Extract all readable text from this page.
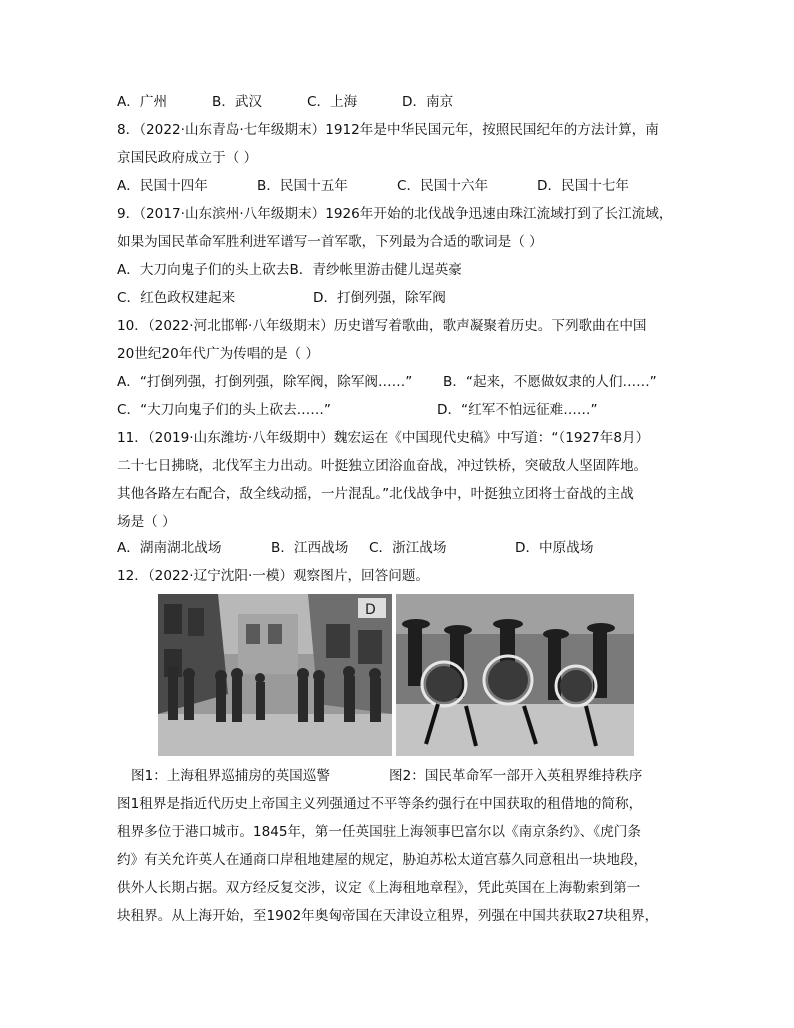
A．广州	B．武汉	C．上海	D．南京
8．（2022·山东青岛·七年级期末）1912年是中华民国元年，按照民国纪年的方法计算，南
京国民政府成立于（ ）
A．民国十四年	B．民国十五年	C．民国十六年	D．民国十七年
9．（2017·山东滨州·八年级期末）1926年开始的北伐战争迅速由珠江流域打到了长江流域，
如果为国民革命军胜利进军谱写一首军歌，下列最为合适的歌词是（ ）
A．大刀向鬼子们的头上砍去 B．青纱帐里游击健儿逞英豪
C．红色政权建起来	D．打倒列强，除军阀
10．（2022·河北邯郸·八年级期末）历史谱写着歌曲，歌声凝聚着历史。下列歌曲在中国
20世纪20年代广为传唱的是（ ）
A．“打倒列强，打倒列强，除军阀，除军阀……”	B．“起来，不愿做奴隶的人们……”
C．“大刀向鬼子们的头上砍去……”	D．“红军不怕远征难……”
11．（2019·山东潍坊·八年级期中）魏宏运在《中国现代史稿》中写道：“（1927年8月）
二十七日拂晓，北伐军主力出动。叶挺独立团浴血奋战，冲过铁桥，突破敌人坚固阵地。
其他各路左右配合，敌全线动摇，一片混乱。”北伐战争中，叶挺独立团将士奋战的主战
场是（ ）
A．湖南湖北战场	B．江西战场	C．浙江战场	D．中原战场
12．（2022·辽宁沈阳·一模）观察图片，回答问题。
D
图1：上海租界巡捕房的英国巡警	图2：国民革命军一部开入英租界维持秩序
图1租界是指近代历史上帝国主义列强通过不平等条约强行在中国获取的租借地的简称，
租界多位于港口城市。1845年，第一任英国驻上海领事巴富尔以《南京条约》、《虎门条
约》有关允许英人在通商口岸租地建屋的规定，胁迫苏松太道宫慕久同意租出一块地段，
供外人长期占据。双方经反复交涉，议定《上海租地章程》，凭此英国在上海勒索到第一
块租界。从上海开始，至1902年奥匈帝国在天津设立租界，列强在中国共获取27块租界，
